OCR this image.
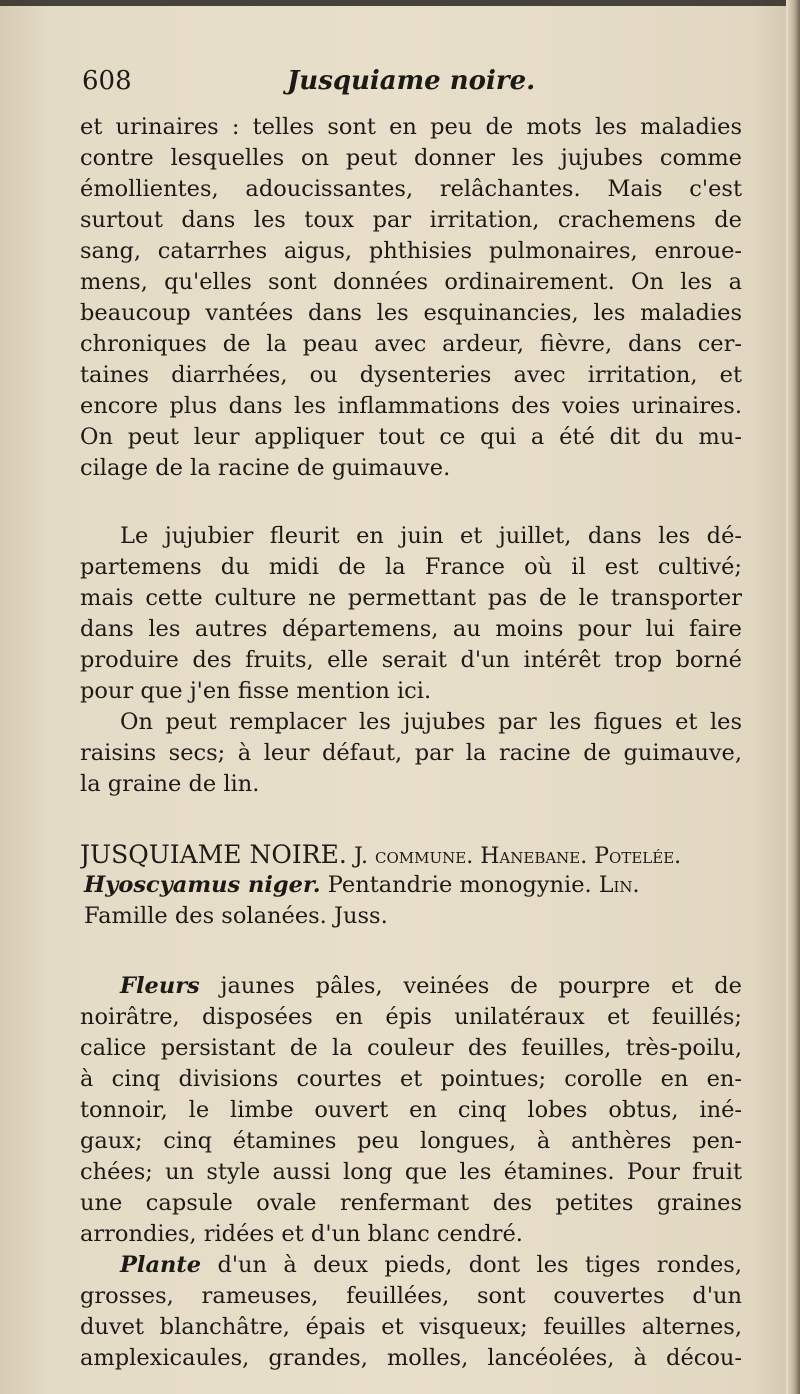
608	Jusquiame noire.
et urinaires : telles sont en peu de mots les maladies
contre lesquelles on peut donner les jujubes comme
émollientes, adoucissantes, relâchantes. Mais c'est
surtout dans les toux par irritation, crachemens de
sang, catarrhes aigus, phthisies pulmonaires, enroue-
mens, qu'elles sont données ordinairement. On les a
beaucoup vantées dans les esquinancies, les maladies
chroniques de la peau avec ardeur, fièvre, dans cer-
taines diarrhées, ou dysenteries avec irritation, et
encore plus dans les inflammations des voies urinaires.
On peut leur appliquer tout ce qui a été dit du mu-
cilage de la racine de guimauve.
Le jujubier fleurit en juin et juillet, dans les dé-
partemens du midi de la France où il est cultivé;
mais cette culture ne permettant pas de le transporter
dans les autres départemens, au moins pour lui faire
produire des fruits, elle serait d'un intérêt trop borné
pour que j'en fisse mention ici.
On peut remplacer les jujubes par les figues et les
raisins secs; à leur défaut, par la racine de guimauve,
la graine de lin.
JUSQUIAME NOIRE. J. commune. Hanebane. Potelée.
Hyoscyamus niger. Pentandrie monogynie. Lin.
Famille des solanées. Juss.
Fleurs jaunes pâles, veinées de pourpre et de
noirâtre, disposées en épis unilatéraux et feuillés;
calice persistant de la couleur des feuilles, très-poilu,
à cinq divisions courtes et pointues; corolle en en-
tonnoir, le limbe ouvert en cinq lobes obtus, iné-
gaux; cinq étamines peu longues, à anthères pen-
chées; un style aussi long que les étamines. Pour fruit
une capsule ovale renfermant des petites graines
arrondies, ridées et d'un blanc cendré.
Plante d'un à deux pieds, dont les tiges rondes,
grosses, rameuses, feuillées, sont couvertes d'un
duvet blanchâtre, épais et visqueux; feuilles alternes,
amplexicaules, grandes, molles, lancéolées, à décou-
